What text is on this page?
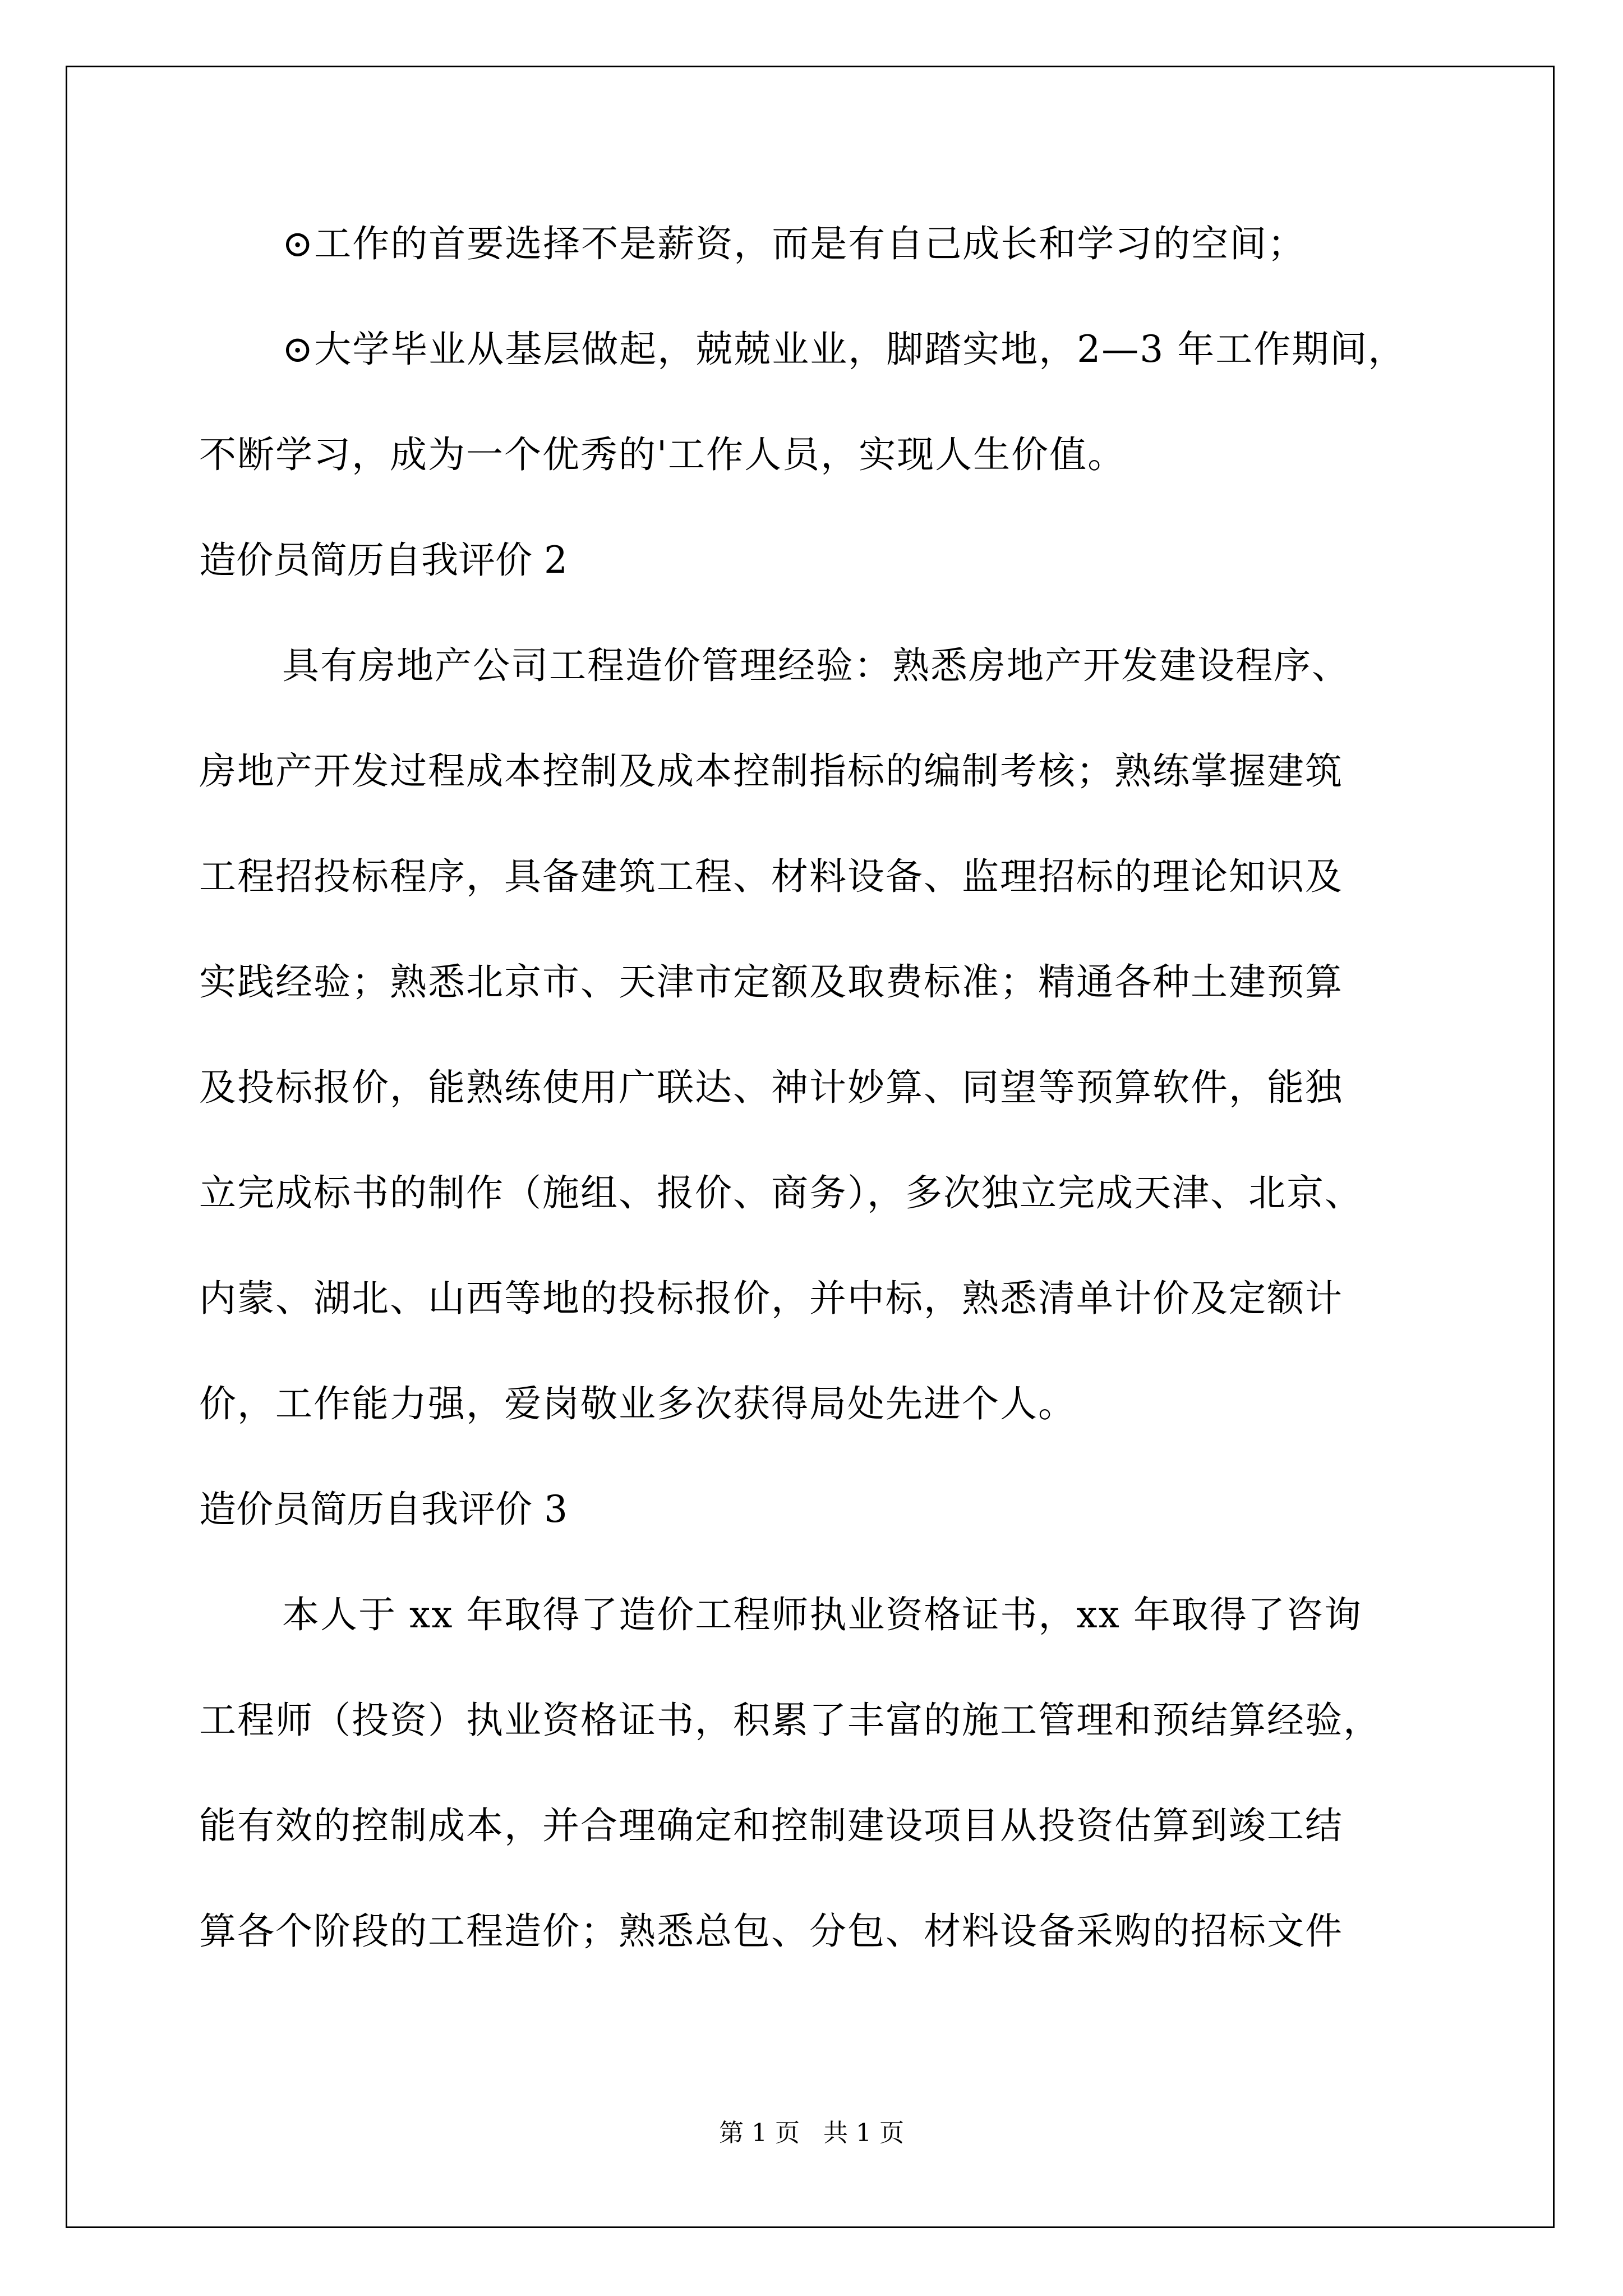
⊙工作的首要选择不是薪资，而是有自己成长和学习的空间；
⊙大学毕业从基层做起，兢兢业业，脚踏实地，2—3 年工作期间，
不断学习，成为一个优秀的'工作人员，实现人生价值。
造价员简历自我评价 2
具有房地产公司工程造价管理经验：熟悉房地产开发建设程序、
房地产开发过程成本控制及成本控制指标的编制考核；熟练掌握建筑
工程招投标程序，具备建筑工程、材料设备、监理招标的理论知识及
实践经验；熟悉北京市、天津市定额及取费标准；精通各种土建预算
及投标报价，能熟练使用广联达、神计妙算、同望等预算软件，能独
立完成标书的制作（施组、报价、商务），多次独立完成天津、北京、
内蒙、湖北、山西等地的投标报价，并中标，熟悉清单计价及定额计
价，工作能力强，爱岗敬业多次获得局处先进个人。
造价员简历自我评价 3
本人于 xx 年取得了造价工程师执业资格证书，xx 年取得了咨询
工程师（投资）执业资格证书，积累了丰富的施工管理和预结算经验，
能有效的控制成本，并合理确定和控制建设项目从投资估算到竣工结
算各个阶段的工程造价；熟悉总包、分包、材料设备采购的招标文件
第 1 页   共 1 页
